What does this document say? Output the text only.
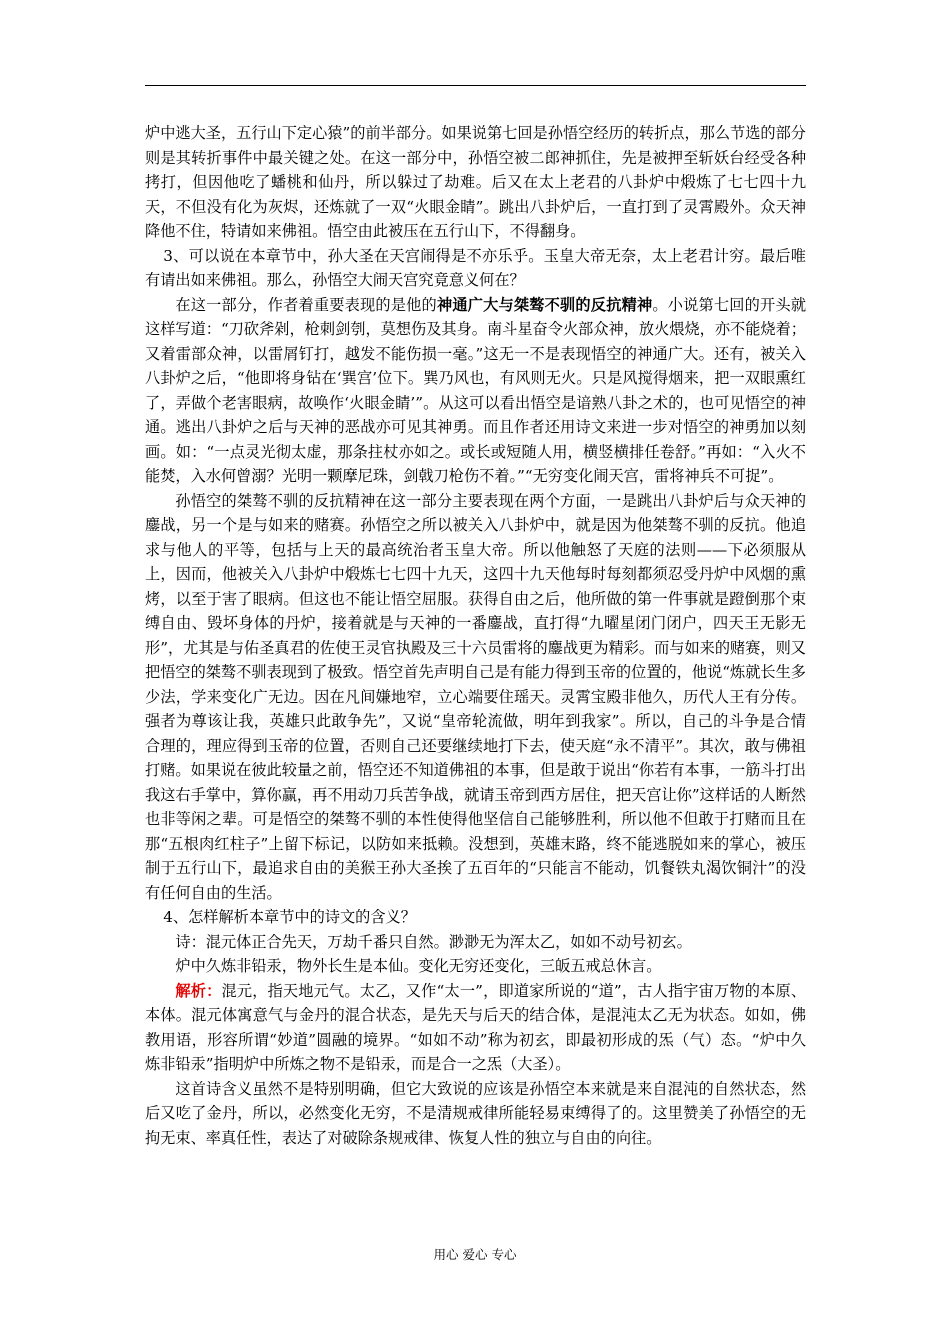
炉中逃大圣，五行山下定心猿”的前半部分。如果说第七回是孙悟空经历的转折点，那么节选的部分则是其转折事件中最关键之处。在这一部分中，孙悟空被二郎神抓住，先是被押至斩妖台经受各种拷打，但因他吃了蟠桃和仙丹，所以躲过了劫难。后又在太上老君的八卦炉中煅炼了七七四十九天，不但没有化为灰烬，还炼就了一双“火眼金睛”。跳出八卦炉后，一直打到了灵霄殿外。众天神降他不住，特请如来佛祖。悟空由此被压在五行山下，不得翻身。

3、可以说在本章节中，孙大圣在天宫闹得是不亦乐乎。玉皇大帝无奈，太上老君计穷。最后唯有请出如来佛祖。那么，孙悟空大闹天宫究竟意义何在？

在这一部分，作者着重要表现的是他的神通广大与桀骜不驯的反抗精神。小说第七回的开头就这样写道：“刀砍斧剁，枪刺剑刳，莫想伤及其身。南斗星奋令火部众神，放火煨烧，亦不能烧着；又着雷部众神，以雷屑钉打，越发不能伤损一毫。”这无一不是表现悟空的神通广大。还有，被关入八卦炉之后，“他即将身钻在‘巽宫’位下。巽乃风也，有风则无火。只是风搅得烟来，把一双眼熏红了，弄做个老害眼病，故唤作‘火眼金睛’”。从这可以看出悟空是谙熟八卦之术的，也可见悟空的神通。逃出八卦炉之后与天神的恶战亦可见其神勇。而且作者还用诗文来进一步对悟空的神勇加以刻画。如：“一点灵光彻太虚，那条拄杖亦如之。或长或短随人用，横竖横排任卷舒。”再如：“入火不能焚，入水何曾溺？光明一颗摩尼珠，剑戟刀枪伤不着。”“无穷变化闹天宫，雷将神兵不可捉”。

孙悟空的桀骜不驯的反抗精神在这一部分主要表现在两个方面，一是跳出八卦炉后与众天神的鏖战，另一个是与如来的赌赛。孙悟空之所以被关入八卦炉中，就是因为他桀骜不驯的反抗。他追求与他人的平等，包括与上天的最高统治者玉皇大帝。所以他触怒了天庭的法则——下必须服从上，因而，他被关入八卦炉中煅炼七七四十九天，这四十九天他每时每刻都须忍受丹炉中风烟的熏烤，以至于害了眼病。但这也不能让悟空屈服。获得自由之后，他所做的第一件事就是蹬倒那个束缚自由、毁坏身体的丹炉，接着就是与天神的一番鏖战，直打得“九曜星闭门闭户，四天王无影无形”，尤其是与佑圣真君的佐使王灵官执殿及三十六员雷将的鏖战更为精彩。而与如来的赌赛，则又把悟空的桀骜不驯表现到了极致。悟空首先声明自己是有能力得到玉帝的位置的，他说“炼就长生多少法，学来变化广无边。因在凡间嫌地窄，立心端要住瑶天。灵霄宝殿非他久，历代人王有分传。强者为尊该让我，英雄只此敢争先”，又说“皇帝轮流做，明年到我家”。所以，自己的斗争是合情合理的，理应得到玉帝的位置，否则自己还要继续地打下去，使天庭“永不清平”。其次，敢与佛祖打赌。如果说在彼此较量之前，悟空还不知道佛祖的本事，但是敢于说出“你若有本事，一筋斗打出我这右手掌中，算你赢，再不用动刀兵苦争战，就请玉帝到西方居住，把天宫让你”这样话的人断然也非等闲之辈。可是悟空的桀骜不驯的本性使得他坚信自己能够胜利，所以他不但敢于打赌而且在那“五根肉红柱子”上留下标记，以防如来抵赖。没想到，英雄末路，终不能逃脱如来的掌心，被压制于五行山下，最追求自由的美猴王孙大圣挨了五百年的“只能言不能动，饥餐铁丸渴饮铜汁”的没有任何自由的生活。

4、怎样解析本章节中的诗文的含义？

诗：混元体正合先天，万劫千番只自然。渺渺无为浑太乙，如如不动号初玄。

炉中久炼非铅汞，物外长生是本仙。变化无穷还变化，三皈五戒总休言。

解析：混元，指天地元气。太乙，又作“太一”，即道家所说的“道”，古人指宇宙万物的本原、本体。混元体寓意气与金丹的混合状态，是先天与后天的结合体，是混沌太乙无为状态。如如，佛教用语，形容所谓“妙道”圆融的境界。“如如不动”称为初玄，即最初形成的炁（气）态。“炉中久炼非铅汞”指明炉中所炼之物不是铅汞，而是合一之炁（大圣）。

这首诗含义虽然不是特别明确，但它大致说的应该是孙悟空本来就是来自混沌的自然状态，然后又吃了金丹，所以，必然变化无穷，不是清规戒律所能轻易束缚得了的。这里赞美了孙悟空的无拘无束、率真任性，表达了对破除条规戒律、恢复人性的独立与自由的向往。

用心 爱心 专心
